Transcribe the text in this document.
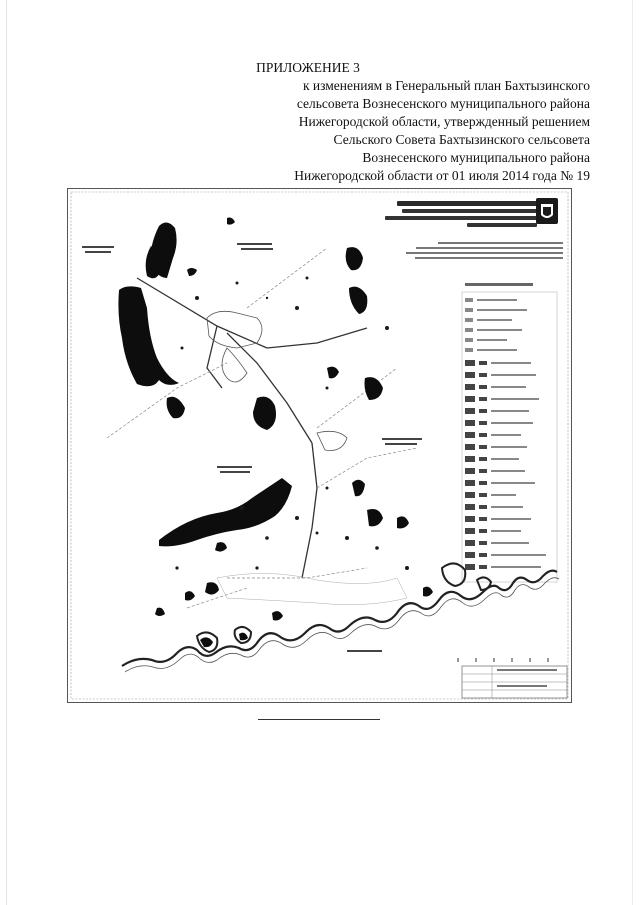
ПРИЛОЖЕНИЕ 3
к изменениям в Генеральный план Бахтызинского
сельсовета Вознесенского муниципального района
Нижегородской области, утвержденный решением
Сельского Совета Бахтызинского сельсовета
Вознесенского муниципального района
Нижегородской области от 01 июля 2014 года № 19
